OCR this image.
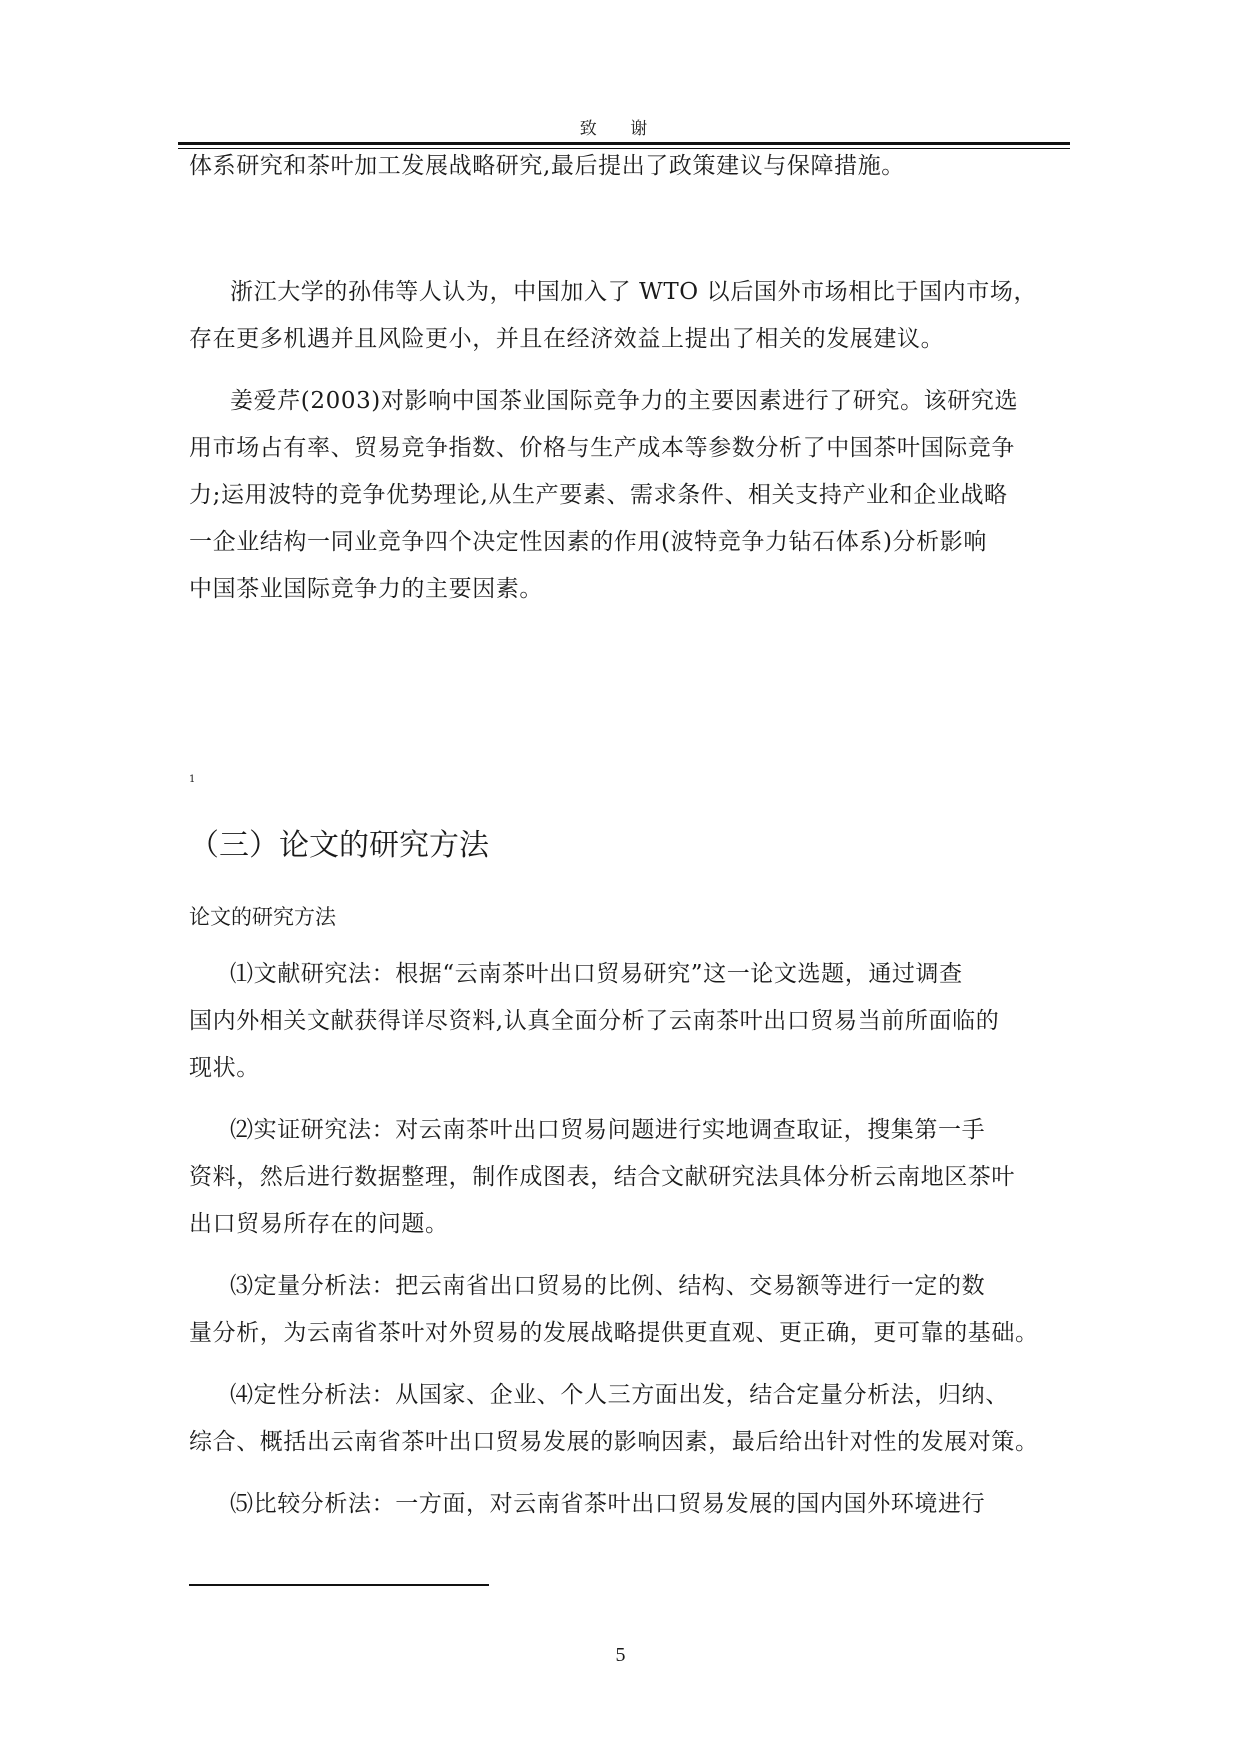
致 谢
体系研究和茶叶加工发展战略研究,最后提出了政策建议与保障措施。
浙江大学的孙伟等人认为，中国加入了 WTO 以后国外市场相比于国内市场，
存在更多机遇并且风险更小，并且在经济效益上提出了相关的发展建议。
姜爱芹(2003)对影响中国茶业国际竞争力的主要因素进行了研究。该研究选
用市场占有率、贸易竞争指数、价格与生产成本等参数分析了中国茶叶国际竞争
力;运用波特的竞争优势理论,从生产要素、需求条件、相关支持产业和企业战略
一企业结构一同业竞争四个决定性因素的作用(波特竞争力钻石体系)分析影响
中国茶业国际竞争力的主要因素。
1
（三）论文的研究方法
论文的研究方法
⑴文献研究法：根据“云南茶叶出口贸易研究”这一论文选题，通过调查
国内外相关文献获得详尽资料,认真全面分析了云南茶叶出口贸易当前所面临的
现状。
⑵实证研究法：对云南茶叶出口贸易问题进行实地调查取证，搜集第一手
资料，然后进行数据整理，制作成图表，结合文献研究法具体分析云南地区茶叶
出口贸易所存在的问题。
⑶定量分析法：把云南省出口贸易的比例、结构、交易额等进行一定的数
量分析，为云南省茶叶对外贸易的发展战略提供更直观、更正确，更可靠的基础。
⑷定性分析法：从国家、企业、个人三方面出发，结合定量分析法，归纳、
综合、概括出云南省茶叶出口贸易发展的影响因素，最后给出针对性的发展对策。
⑸比较分析法：一方面，对云南省茶叶出口贸易发展的国内国外环境进行
5
